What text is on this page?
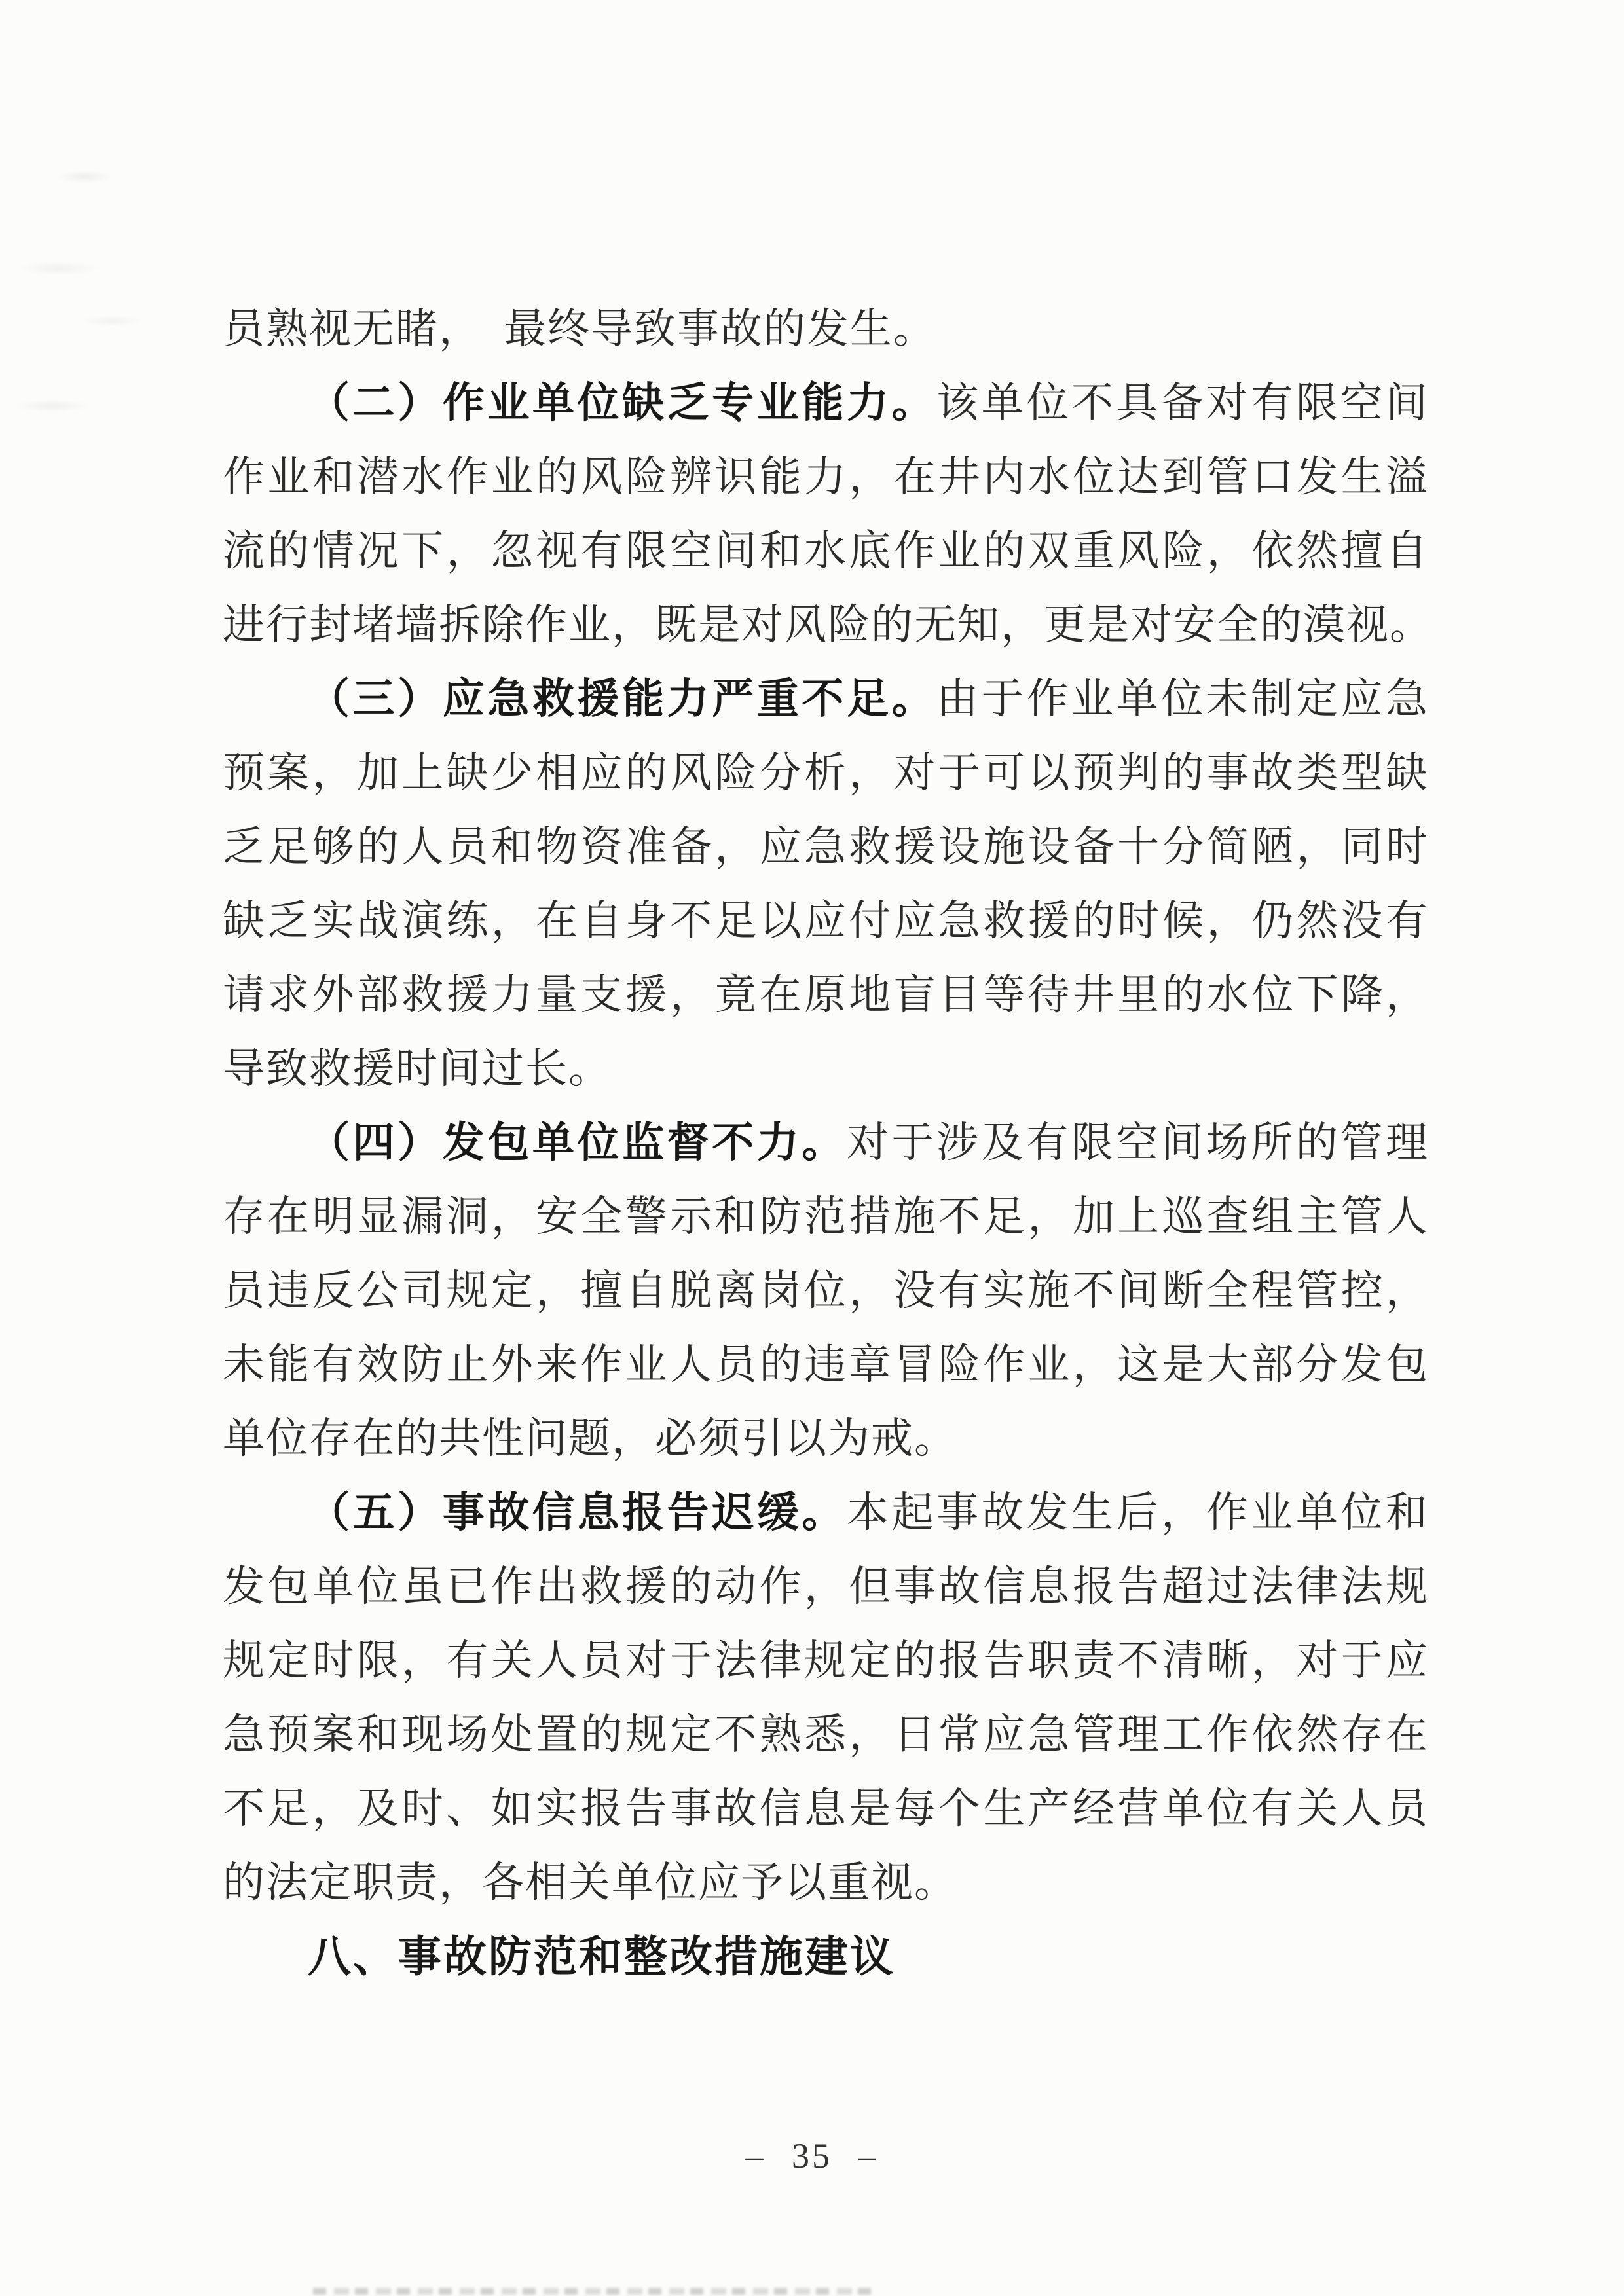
员熟视无睹，　最终导致事故的发生。
（二）作业单位缺乏专业能力。该单位不具备对有限空间
作业和潜水作业的风险辨识能力，在井内水位达到管口发生溢
流的情况下，忽视有限空间和水底作业的双重风险，依然擅自
进行封堵墙拆除作业，既是对风险的无知，更是对安全的漠视。
（三）应急救援能力严重不足。由于作业单位未制定应急
预案，加上缺少相应的风险分析，对于可以预判的事故类型缺
乏足够的人员和物资准备，应急救援设施设备十分简陋，同时
缺乏实战演练，在自身不足以应付应急救援的时候，仍然没有
请求外部救援力量支援，竟在原地盲目等待井里的水位下降，
导致救援时间过长。
（四）发包单位监督不力。对于涉及有限空间场所的管理
存在明显漏洞，安全警示和防范措施不足，加上巡查组主管人
员违反公司规定，擅自脱离岗位，没有实施不间断全程管控，
未能有效防止外来作业人员的违章冒险作业，这是大部分发包
单位存在的共性问题，必须引以为戒。
（五）事故信息报告迟缓。本起事故发生后，作业单位和
发包单位虽已作出救援的动作，但事故信息报告超过法律法规
规定时限，有关人员对于法律规定的报告职责不清晰，对于应
急预案和现场处置的规定不熟悉，日常应急管理工作依然存在
不足，及时、如实报告事故信息是每个生产经营单位有关人员
的法定职责，各相关单位应予以重视。
八、事故防范和整改措施建议
– 35 –
